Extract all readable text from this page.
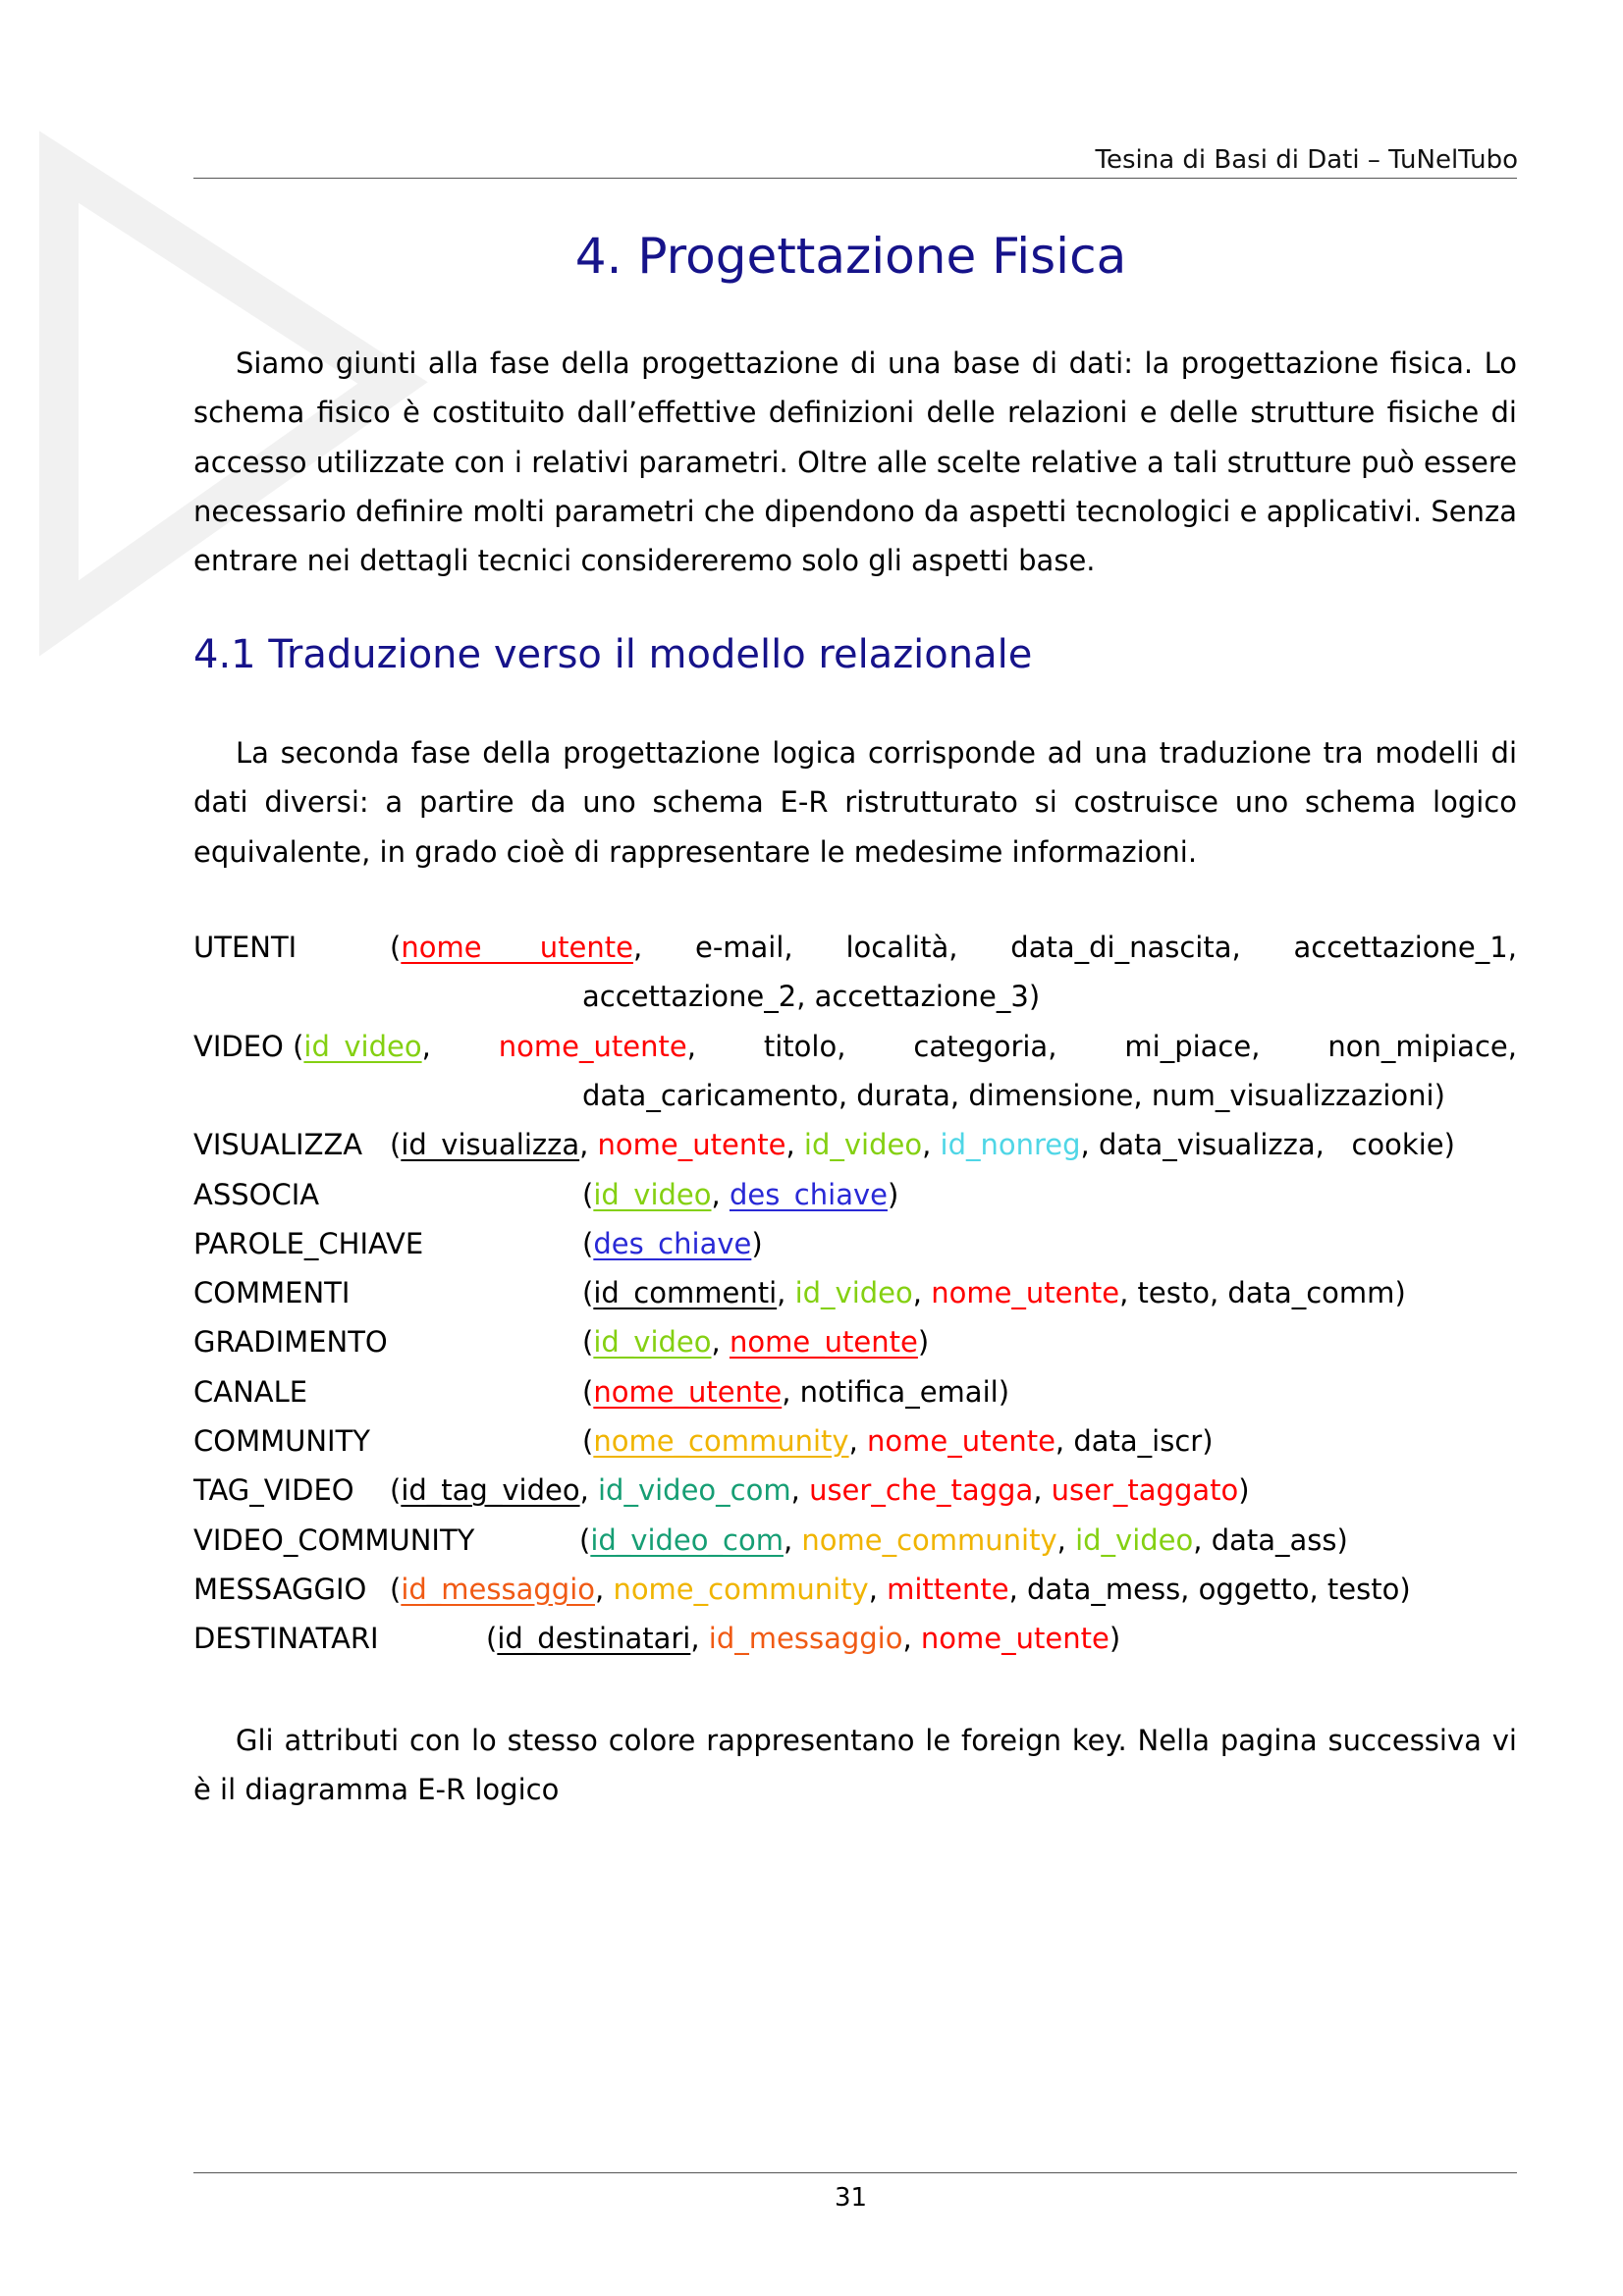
Tesina di Basi di Dati – TuNelTubo
4. Progettazione Fisica

Siamo giunti alla fase della progettazione di una base di dati: la progettazione fisica. Lo schema fisico è costituito dall’effettive definizioni delle relazioni e delle strutture fisiche di accesso utilizzate con i relativi parametri. Oltre alle scelte relative a tali strutture può essere necessario definire molti parametri che dipendono da aspetti tecnologici e applicativi. Senza entrare nei dettagli tecnici considereremo solo gli aspetti base.

4.1 Traduzione verso il modello relazionale

La seconda fase della progettazione logica corrisponde ad una traduzione tra modelli di dati diversi: a partire da uno schema E-R ristrutturato si costruisce uno schema logico equivalente, in grado cioè di rappresentare le medesime informazioni.

UTENTI	(nome utente, e-mail, località, data_di_nascita, accettazione_1,
accettazione_2, accettazione_3)
VIDEO (id_video, nome_utente, titolo, categoria, mi_piace, non_mipiace,
data_caricamento, durata, dimensione, num_visualizzazioni)
VISUALIZZA (id_visualizza, nome_utente, id_video, id_nonreg, data_visualizza, cookie)
ASSOCIA	(id_video, des_chiave)
PAROLE_CHIAVE	(des_chiave)
COMMENTI	(id_commenti, id_video, nome_utente, testo, data_comm)
GRADIMENTO	(id_video, nome_utente)
CANALE	(nome_utente, notifica_email)
COMMUNITY	(nome_community, nome_utente, data_iscr)
TAG_VIDEO (id_tag_video, id_video_com, user_che_tagga, user_taggato)
VIDEO_COMMUNITY	(id_video_com, nome_community, id_video, data_ass)
MESSAGGIO (id_messaggio, nome_community, mittente, data_mess, oggetto, testo)
DESTINATARI	(id_destinatari, id_messaggio, nome_utente)

Gli attributi con lo stesso colore rappresentano le foreign key. Nella pagina successiva vi è il diagramma E-R logico

31
